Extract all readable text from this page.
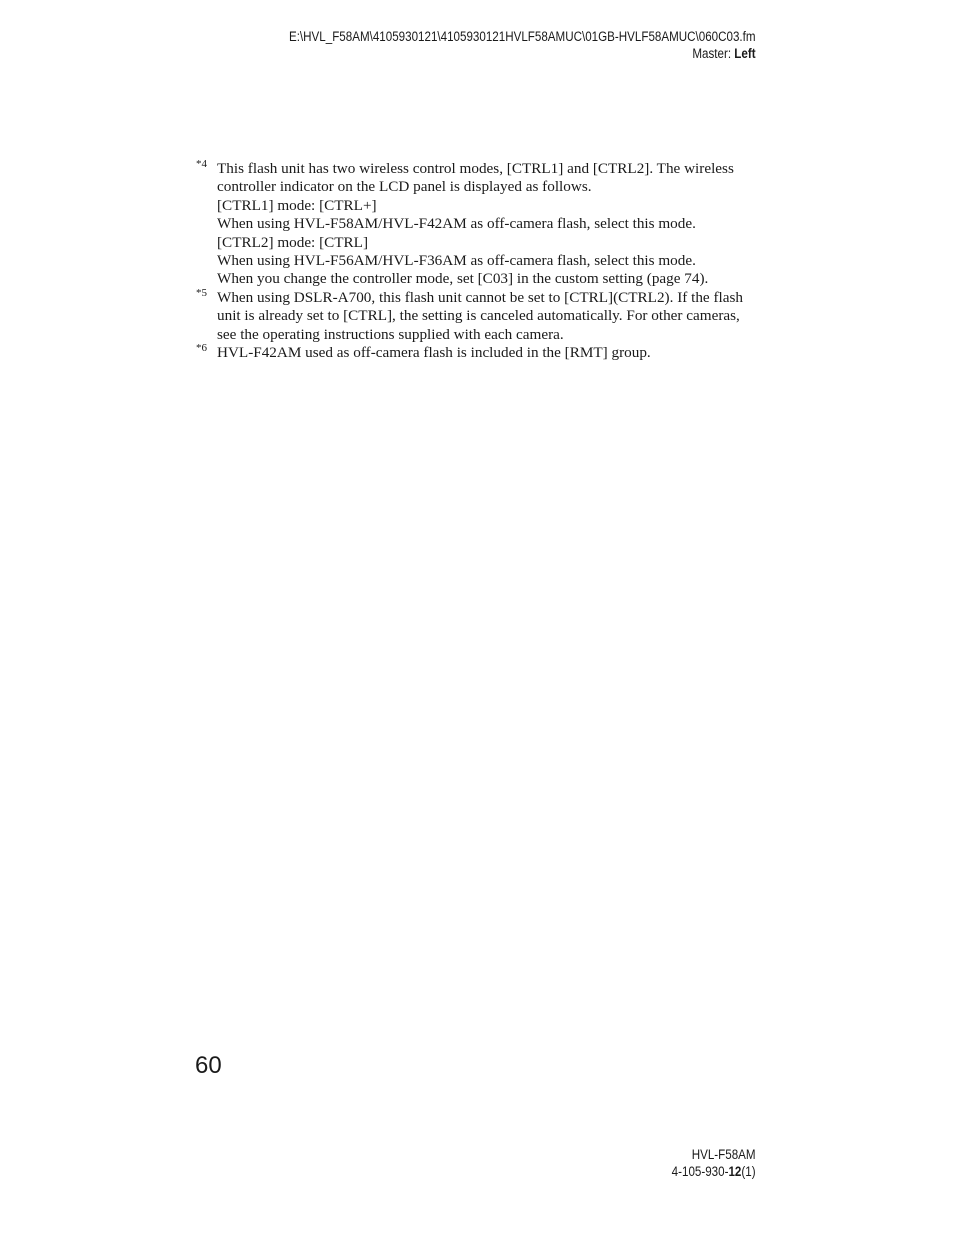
E:\HVL_F58AM\4105930121\4105930121HVLF58AMUC\01GB-HVLF58AMUC\060C03.fm
Master: Left
*4 This flash unit has two wireless control modes, [CTRL1] and [CTRL2]. The wireless
controller indicator on the LCD panel is displayed as follows.
[CTRL1] mode: [CTRL+]
When using HVL-F58AM/HVL-F42AM as off-camera flash, select this mode.
[CTRL2] mode: [CTRL]
When using HVL-F56AM/HVL-F36AM as off-camera flash, select this mode.
When you change the controller mode, set [C03] in the custom setting (page 74).
*5 When using DSLR-A700, this flash unit cannot be set to [CTRL](CTRL2). If the flash
unit is already set to [CTRL], the setting is canceled automatically. For other cameras,
see the operating instructions supplied with each camera.
*6 HVL-F42AM used as off-camera flash is included in the [RMT] group.
60
HVL-F58AM
4-105-930-12(1)
